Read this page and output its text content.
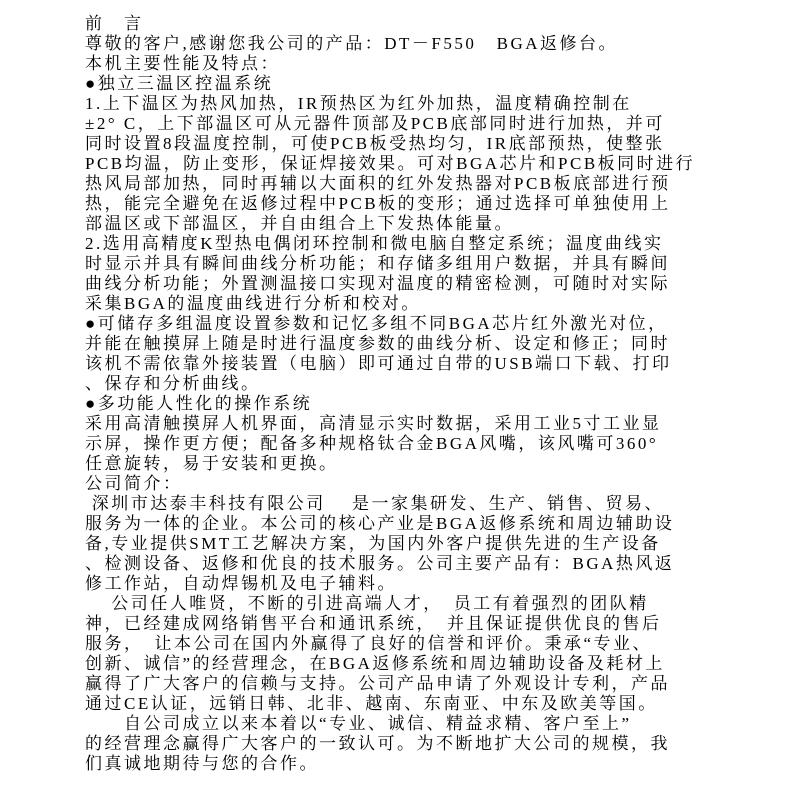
前　言
尊敬的客户,感谢您我公司的产品：DT－F550   BGA返修台。
本机主要性能及特点：
●独立三温区控温系统
1.上下温区为热风加热，IR预热区为红外加热，温度精确控制在
±2° C，上下部温区可从元器件顶部及PCB底部同时进行加热，并可
同时设置8段温度控制，可使PCB板受热均匀，IR底部预热，使整张
PCB均温，防止变形，保证焊接效果。可对BGA芯片和PCB板同时进行
热风局部加热，同时再辅以大面积的红外发热器对PCB板底部进行预
热，能完全避免在返修过程中PCB板的变形；通过选择可单独使用上
部温区或下部温区，并自由组合上下发热体能量。
2.选用高精度K型热电偶闭环控制和微电脑自整定系统；温度曲线实
时显示并具有瞬间曲线分析功能；和存储多组用户数据，并具有瞬间
曲线分析功能；外置测温接口实现对温度的精密检测，可随时对实际
采集BGA的温度曲线进行分析和校对。
●可储存多组温度设置参数和记忆多组不同BGA芯片红外激光对位，
并能在触摸屏上随是时进行温度参数的曲线分析、设定和修正；同时
该机不需依靠外接装置（电脑）即可通过自带的USB端口下载、打印
、保存和分析曲线。
●多功能人性化的操作系统
采用高清触摸屏人机界面，高清显示实时数据，采用工业5寸工业显
示屏，操作更方便；配备多种规格钛合金BGA风嘴，该风嘴可360°
任意旋转，易于安装和更换。
公司简介：
深圳市达泰丰科技有限公司　 是一家集研发、生产、销售、贸易、
服务为一体的企业。本公司的核心产业是BGA返修系统和周边辅助设
备,专业提供SMT工艺解决方案，为国内外客户提供先进的生产设备
、检测设备、返修和优良的技术服务。公司主要产品有：BGA热风返
修工作站，自动焊锡机及电子辅料。
　 公司任人唯贤，不断的引进高端人才，　员工有着强烈的团队精
神，已经建成网络销售平台和通讯系统，　并且保证提供优良的售后
服务，　让本公司在国内外赢得了良好的信誉和评价。秉承“专业、
创新、诚信”的经营理念，在BGA返修系统和周边辅助设备及耗材上
赢得了广大客户的信赖与支持。公司产品申请了外观设计专利，产品
通过CE认证，远销日韩、北非、越南、东南亚、中东及欧美等国。
　　自公司成立以来本着以“专业、诚信、精益求精、客户至上”
的经营理念赢得广大客户的一致认可。为不断地扩大公司的规模，我
们真诚地期待与您的合作。
